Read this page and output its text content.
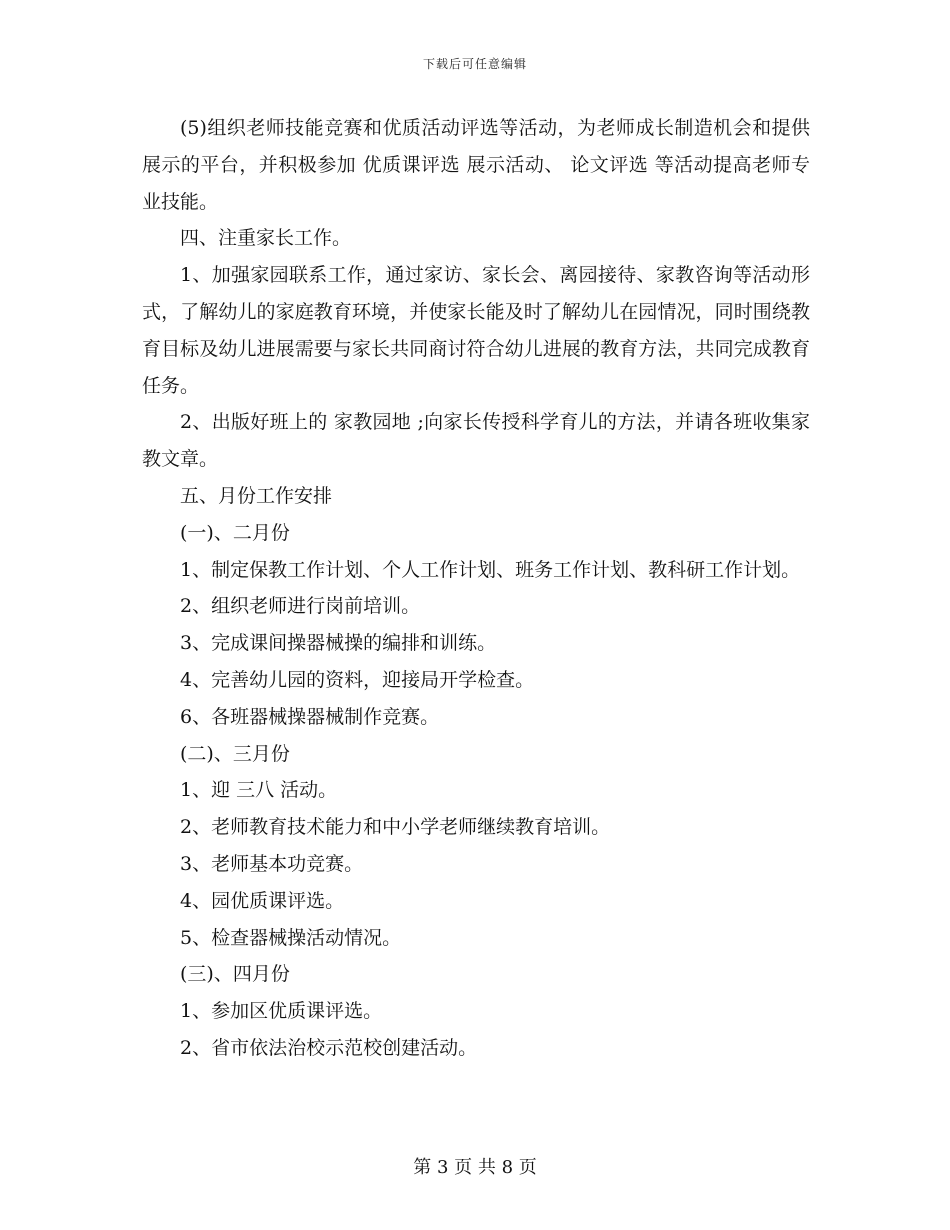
下载后可任意编辑

(5)组织老师技能竞赛和优质活动评选等活动，为老师成长制造机会和提供展示的平台，并积极参加 优质课评选 展示活动、 论文评选 等活动提高老师专业技能。

四、注重家长工作。

1、加强家园联系工作，通过家访、家长会、离园接待、家教咨询等活动形式，了解幼儿的家庭教育环境，并使家长能及时了解幼儿在园情况，同时围绕教育目标及幼儿进展需要与家长共同商讨符合幼儿进展的教育方法，共同完成教育任务。

2、出版好班上的 家教园地 ;向家长传授科学育儿的方法，并请各班收集家教文章。

五、月份工作安排

(一)、二月份

1、制定保教工作计划、个人工作计划、班务工作计划、教科研工作计划。

2、组织老师进行岗前培训。

3、完成课间操器械操的编排和训练。

4、完善幼儿园的资料，迎接局开学检查。

6、各班器械操器械制作竞赛。

(二)、三月份

1、迎 三八 活动。

2、老师教育技术能力和中小学老师继续教育培训。

3、老师基本功竞赛。

4、园优质课评选。

5、检查器械操活动情况。

(三)、四月份

1、参加区优质课评选。

2、省市依法治校示范校创建活动。

第 3 页 共 8 页
